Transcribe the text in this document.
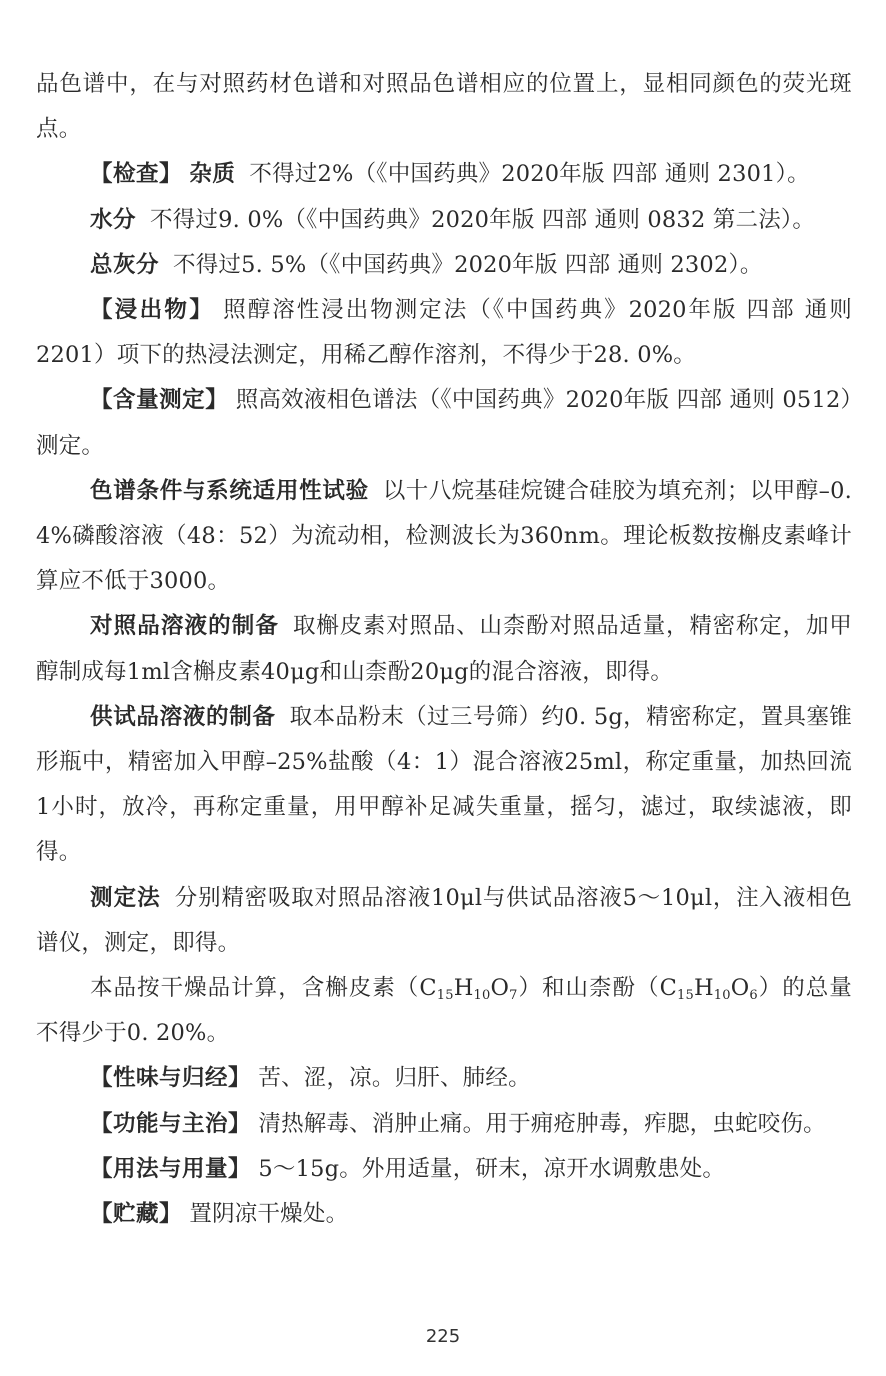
品色谱中，在与对照药材色谱和对照品色谱相应的位置上，显相同颜色的荧光斑点。

【检查】 杂质 不得过2%（《中国药典》2020年版 四部 通则 2301）。

水分 不得过9. 0%（《中国药典》2020年版 四部 通则 0832 第二法）。

总灰分 不得过5. 5%（《中国药典》2020年版 四部 通则 2302）。

【浸出物】 照醇溶性浸出物测定法（《中国药典》2020年版 四部 通则 2201）项下的热浸法测定，用稀乙醇作溶剂，不得少于28. 0%。

【含量测定】 照高效液相色谱法（《中国药典》2020年版 四部 通则 0512）测定。

色谱条件与系统适用性试验 以十八烷基硅烷键合硅胶为填充剂；以甲醇–0. 4%磷酸溶液（48：52）为流动相，检测波长为360nm。理论板数按槲皮素峰计算应不低于3000。

对照品溶液的制备 取槲皮素对照品、山柰酚对照品适量，精密称定，加甲醇制成每1ml含槲皮素40μg和山柰酚20μg的混合溶液，即得。

供试品溶液的制备 取本品粉末（过三号筛）约0. 5g，精密称定，置具塞锥形瓶中，精密加入甲醇–25%盐酸（4：1）混合溶液25ml，称定重量，加热回流1小时，放冷，再称定重量，用甲醇补足减失重量，摇匀，滤过，取续滤液，即得。

测定法 分别精密吸取对照品溶液10μl与供试品溶液5～10μl，注入液相色谱仪，测定，即得。

本品按干燥品计算，含槲皮素$(C_{15}H_{10}O_7)$和山柰酚$(C_{15}H_{10}O_6)$的总量不得少于0. 20%。

【性味与归经】 苦、涩，凉。归肝、肺经。

【功能与主治】 清热解毒、消肿止痛。用于痈疮肿毒，痄腮，虫蛇咬伤。

【用法与用量】 5～15g。外用适量，研末，凉开水调敷患处。

【贮藏】 置阴凉干燥处。

225
